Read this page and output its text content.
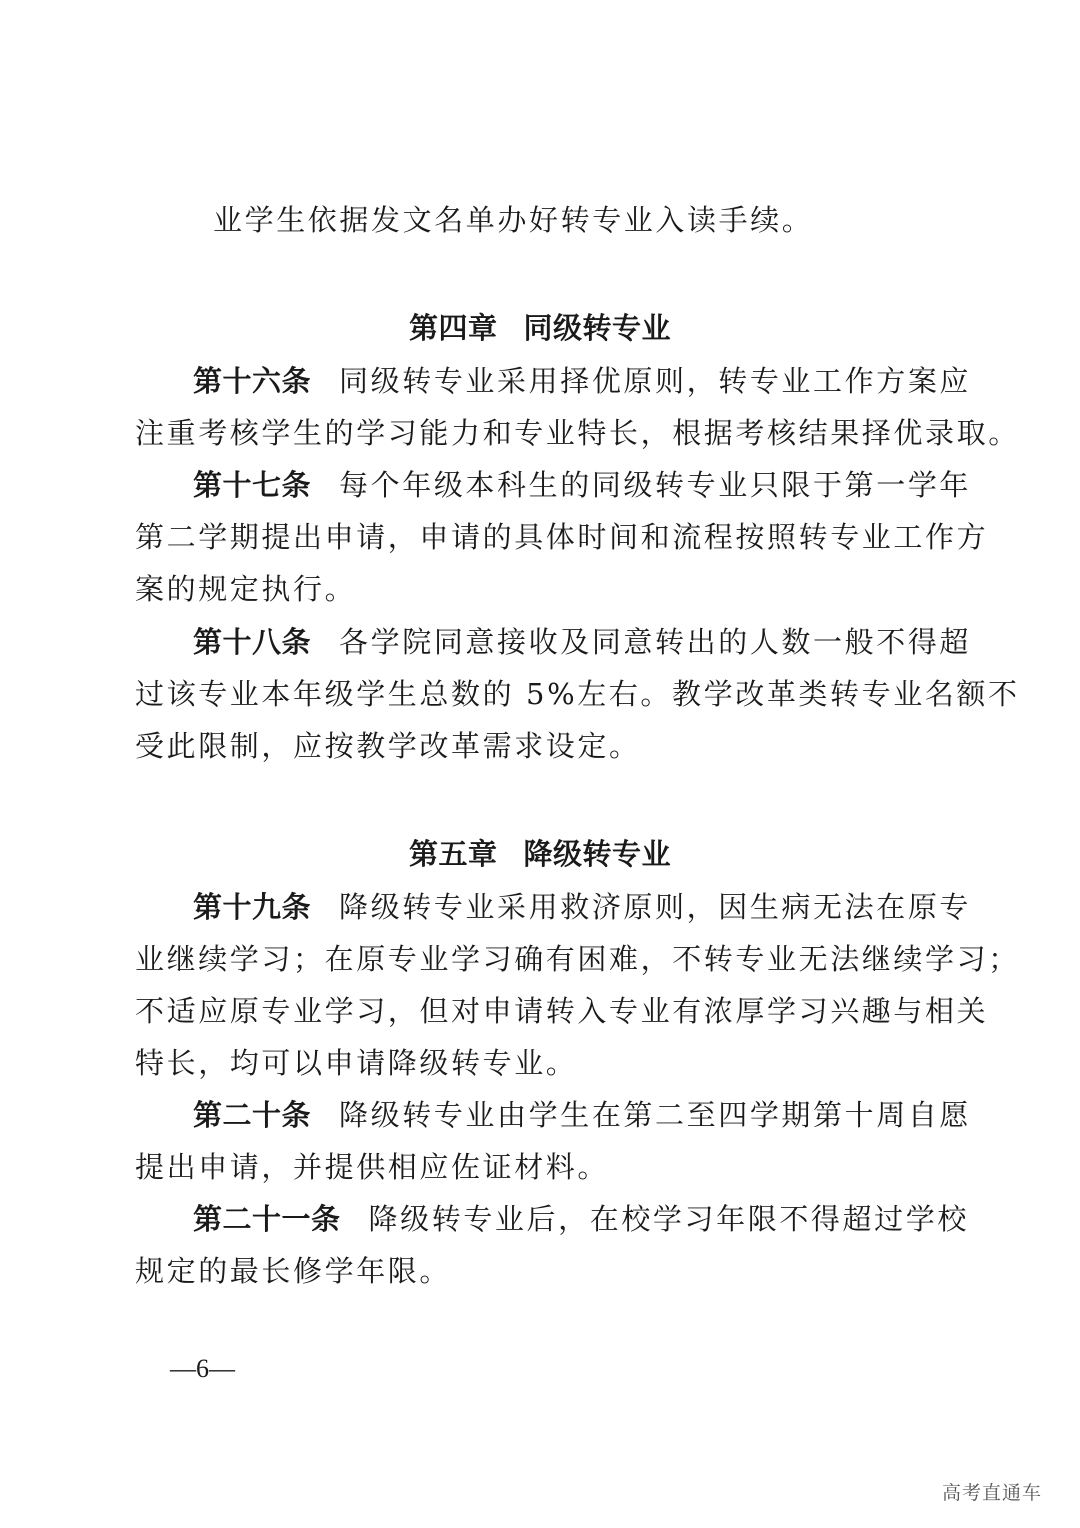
业学生依据发文名单办好转专业入读手续。
第四章 同级转专业
第十六条 同级转专业采用择优原则，转专业工作方案应
注重考核学生的学习能力和专业特长，根据考核结果择优录取。
第十七条 每个年级本科生的同级转专业只限于第一学年
第二学期提出申请，申请的具体时间和流程按照转专业工作方
案的规定执行。
第十八条 各学院同意接收及同意转出的人数一般不得超
过该专业本年级学生总数的 5%左右。教学改革类转专业名额不
受此限制，应按教学改革需求设定。
第五章 降级转专业
第十九条 降级转专业采用救济原则，因生病无法在原专
业继续学习；在原专业学习确有困难，不转专业无法继续学习；
不适应原专业学习，但对申请转入专业有浓厚学习兴趣与相关
特长，均可以申请降级转专业。
第二十条 降级转专业由学生在第二至四学期第十周自愿
提出申请，并提供相应佐证材料。
第二十一条 降级转专业后，在校学习年限不得超过学校
规定的最长修学年限。
—6—
高考直通车
